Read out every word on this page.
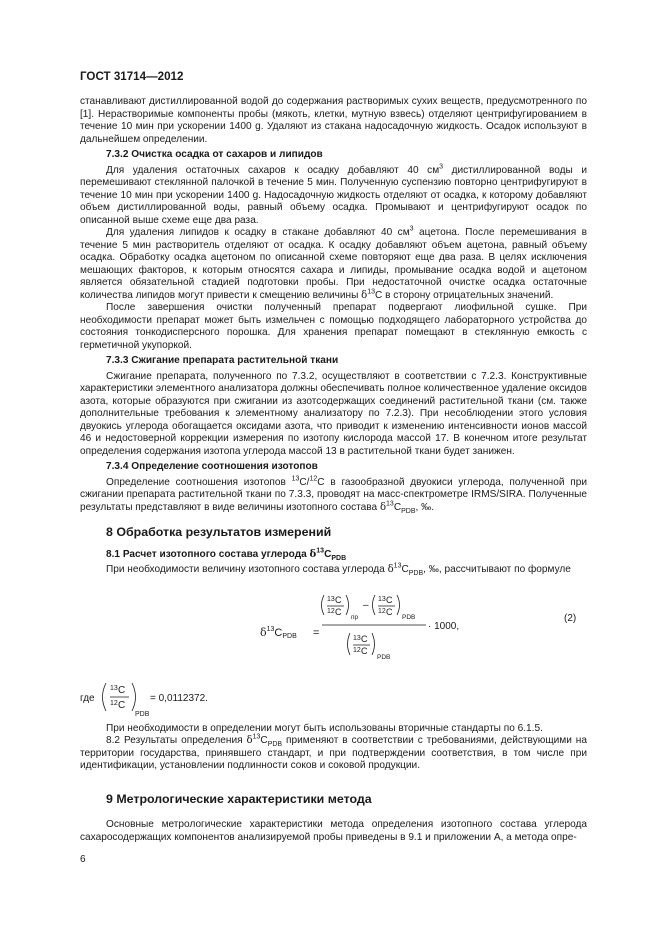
ГОСТ 31714—2012

станавливают дистиллированной водой до содержания растворимых сухих веществ, предусмотренного по [1]. Нерастворимые компоненты пробы (мякоть, клетки, мутную взвесь) отделяют центрифугированием в течение 10 мин при ускорении 1400 g. Удаляют из стакана надосадочную жидкость. Осадок используют в дальнейшем определении.

7.3.2 Очистка осадка от сахаров и липидов

Для удаления остаточных сахаров к осадку добавляют 40 $см^3$ дистиллированной воды и перемешивают стеклянной палочкой в течение 5 мин. Полученную суспензию повторно центрифугируют в течение 10 мин при ускорении 1400 g. Надосадочную жидкость отделяют от осадка, к которому добавляют объем дистиллированной воды, равный объему осадка. Промывают и центрифугируют осадок по описанной выше схеме еще два раза.

Для удаления липидов к осадку в стакане добавляют 40 $см^3$ ацетона. После перемешивания в течение 5 мин растворитель отделяют от осадка. К осадку добавляют объем ацетона, равный объему осадка. Обработку осадка ацетоном по описанной схеме повторяют еще два раза. В целях исключения мешающих факторов, к которым относятся сахара и липиды, промывание осадка водой и ацетоном является обязательной стадией подготовки пробы. При недостаточной очистке осадка остаточные количества липидов могут привести к смещению величины $\delta^{13}С$ в сторону отрицательных значений.

После завершения очистки полученный препарат подвергают лиофильной сушке. При необходимости препарат может быть измельчен с помощью подходящего лабораторного устройства до состояния тонкодисперсного порошка. Для хранения препарат помещают в стеклянную емкость с герметичной укупоркой.

7.3.3 Сжигание препарата растительной ткани

Сжигание препарата, полученного по 7.3.2, осуществляют в соответствии с 7.2.3. Конструктивные характеристики элементного анализатора должны обеспечивать полное количественное удаление оксидов азота, которые образуются при сжигании из азотсодержащих соединений растительной ткани (см. также дополнительные требования к элементному анализатору по 7.2.3). При несоблюдении этого условия двуокись углерода обогащается оксидами азота, что приводит к изменению интенсивности ионов массой 46 и недостоверной коррекции измерения по изотопу кислорода массой 17. В конечном итоге результат определения содержания изотопа углерода массой 13 в растительной ткани будет занижен.

7.3.4 Определение соотношения изотопов

Определение соотношения изотопов $^{13}$С/$^{12}$С в газообразной двуокиси углерода, полученной при сжигании препарата растительной ткани по 7.3.3, проводят на масс-спектрометре IRMS/SIRA. Полученные результаты представляют в виде величины изотопного состава $\delta^{13}С_{PDB}$, ‰.

8 Обработка результатов измерений

8.1 Расчет изотопного состава углерода $\delta^{13}С_{PDB}$

При необходимости величину изотопного состава углерода $\delta^{13}С_{PDB}$, ‰, рассчитывают по формуле

$\delta^{13}CPDB$ =
13 C
12 C
пр
–
13 C
12 C
PDB
13 C
12 C
PDB
· 1000,
(2)
где
13 C
12 C
PDB
= 0,0112372.

При необходимости в определении могут быть использованы вторичные стандарты по 6.1.5.

8.2 Результаты определения $\delta^{13}С_{PDB}$ применяют в соответствии с требованиями, действующими на территории государства, принявшего стандарт, и при подтверждении соответствия, в том числе при идентификации, установлении подлинности соков и соковой продукции.

9 Метрологические характеристики метода

Основные метрологические характеристики метода определения изотопного состава углерода сахаросодержащих компонентов анализируемой пробы приведены в 9.1 и приложении А, а метода опре-

6
